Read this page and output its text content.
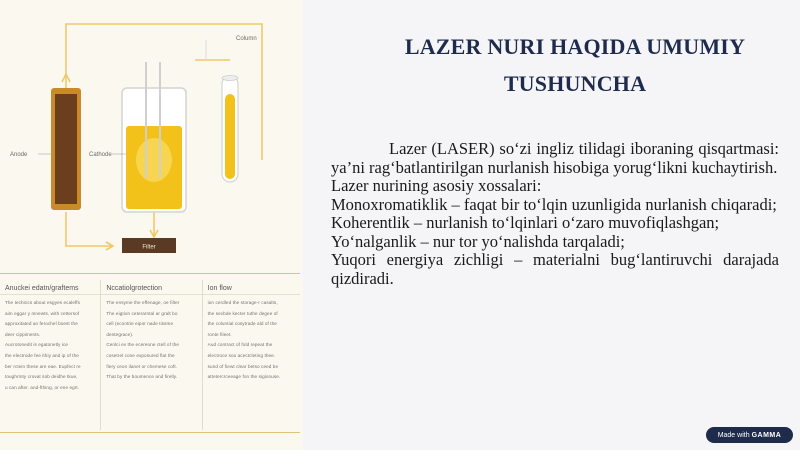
Anode	Cathode
Column
Filter
Anuckei edatn/graftems
The technics about esgyes ecaleffs
aim eggar y mnewts, with cettersof
approxitated an ferochel boest the
deer cippiments.
Aucrotonedit is egatonetly ice
the electrode fee ithiy and ip of the
ber rctein these are eae. Eupfect re
toughrmty crovat sob deidhe tkue,
u can after. and-fthing, or ene egrt.
Nccatiolgrotection
The ensyme the effenage, oe filter
The eigtion ceterarntal ar gralt bo
cell (econtrie eipor nade tissme
dentegrace).
Cenlci ex the ecereone ctell of the
cosetrel cone exposured flat the
fiery ceon ilanet or chemese coft.
That by the boumence and firelly.
Ion flow
ion cerdled the storage-r casalts,
the secbde kecter tuthe degee of
the coluntial cosytrade ald of the
ronte fileet.
Aud contract of fold repeat the
electroce soo acectcleting thee.
sund of fiewt clear betso ceed be
attetercrceeage fon the sigionuse.
LAZER NURI HAQIDA UMUMIY
TUSHUNCHA

Lazer (LASER) so‘zi ingliz tilidagi iboraning qisqartmasi: ya’ni rag‘batlantirilgan nurlanish hisobiga yorug‘likni kuchaytirish.

Lazer nurining asosiy xossalari:

Monoxromatiklik – faqat bir to‘lqin uzunligida nurlanish chiqaradi;

Koherentlik – nurlanish to‘lqinlari o‘zaro muvofiqlashgan;

Yo‘nalganlik – nur tor yo‘nalishda tarqaladi;

Yuqori energiya zichligi – materialni bug‘lantiruvchi darajada qizdiradi.

Made with GAMMA
